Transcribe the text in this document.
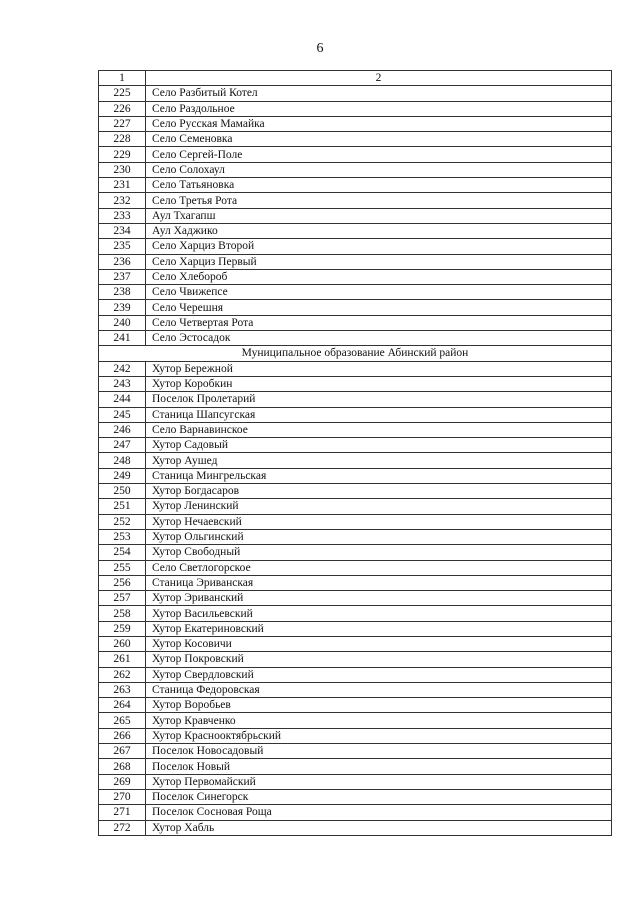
6
1	2
225	Село Разбитый Котел
226	Село Раздольное
227	Село Русская Мамайка
228	Село Семеновка
229	Село Сергей-Поле
230	Село Солохаул
231	Село Татьяновка
232	Село Третья Рота
233	Аул Тхагапш
234	Аул Хаджико
235	Село Харциз Второй
236	Село Харциз Первый
237	Село Хлебороб
238	Село Чвижепсе
239	Село Черешня
240	Село Четвертая Рота
241	Село Эстосадок
Муниципальное образование Абинский район	
242	Хутор Бережной
243	Хутор Коробкин
244	Поселок Пролетарий
245	Станица Шапсугская
246	Село Варнавинское
247	Хутор Садовый
248	Хутор Аушед
249	Станица Мингрельская
250	Хутор Богдасаров
251	Хутор Ленинский
252	Хутор Нечаевский
253	Хутор Ольгинский
254	Хутор Свободный
255	Село Светлогорское
256	Станица Эриванская
257	Хутор Эриванский
258	Хутор Васильевский
259	Хутор Екатериновский
260	Хутор Косовичи
261	Хутор Покровский
262	Хутор Свердловский
263	Станица Федоровская
264	Хутор Воробьев
265	Хутор Кравченко
266	Хутор Краснооктябрьский
267	Поселок Новосадовый
268	Поселок Новый
269	Хутор Первомайский
270	Поселок Синегорск
271	Поселок Сосновая Роща
272	Хутор Хабль
